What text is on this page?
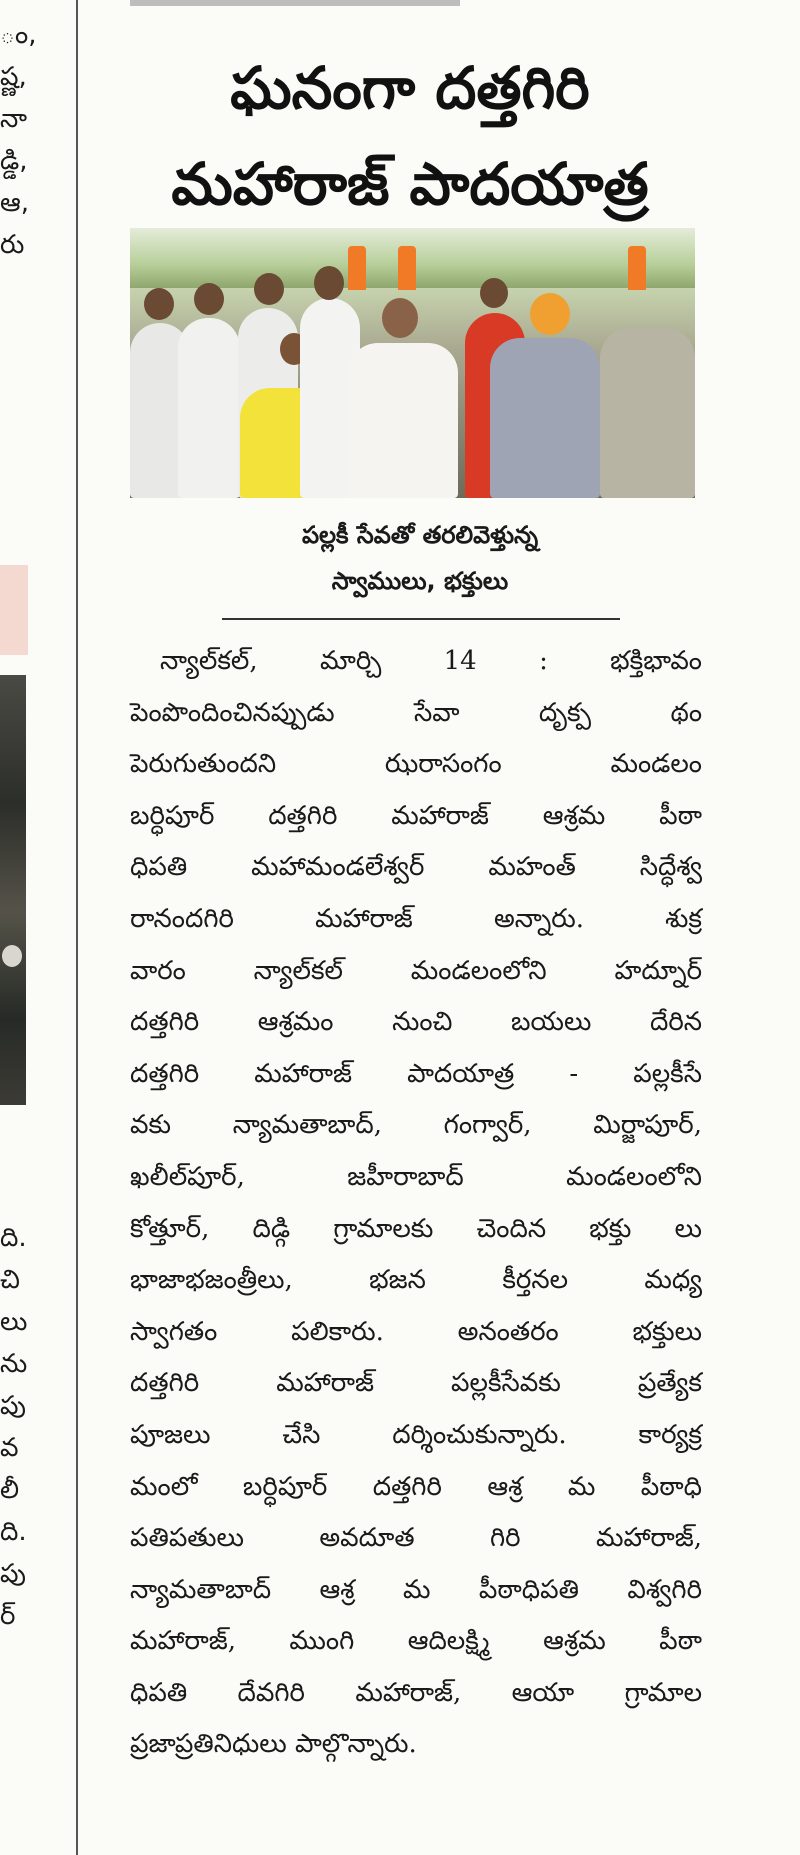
ం,
ష్ణ,
నా
డ్డి,
ఆ,
రు
ది.
చి
లు
ను
పు
వ
లీ
ది.
పు
ర్
ఘనంగా దత్తగిరి
మహారాజ్ పాదయాత్ర
పల్లకీ సేవతో తరలివెళ్తున్న
స్వాములు, భక్తులు
న్యాల్‌కల్, మార్చి 14 : భక్తిభావం
పెంపొందించినప్పుడు సేవా దృక్ప థం
పెరుగుతుందని ఝరాసంగం మండలం
బర్ధిపూర్ దత్తగిరి మహారాజ్ ఆశ్రమ పీఠా
ధిపతి మహామండలేశ్వర్ మహంత్ సిద్ధేశ్వ
రానందగిరి మహారాజ్ అన్నారు. శుక్ర
వారం న్యాల్‌కల్ మండలంలోని హద్నూర్
దత్తగిరి ఆశ్రమం నుంచి బయలు దేరిన
దత్తగిరి మహారాజ్ పాదయాత్ర - పల్లకీసే
వకు న్యామతాబాద్, గంగ్వార్, మిర్జాపూర్,
ఖలీల్‌పూర్, జహీరాబాద్ మండలంలోని
కోత్తూర్, దిడ్గి గ్రామాలకు చెందిన భక్తు లు
భాజాభజంత్రీలు, భజన కీర్తనల మధ్య
స్వాగతం పలికారు. అనంతరం భక్తులు
దత్తగిరి మహారాజ్ పల్లకీసేవకు ప్రత్యేక
పూజలు చేసి దర్శించుకున్నారు. కార్యక్ర
మంలో బర్ధిపూర్ దత్తగిరి ఆశ్ర మ పీఠాధి
పతిపతులు అవదూత గిరి మహారాజ్,
న్యామతాబాద్ ఆశ్ర మ పీఠాధిపతి విశ్వగిరి
మహారాజ్, ముంగి ఆదిలక్ష్మి ఆశ్రమ పీఠా
ధిపతి దేవగిరి మహారాజ్, ఆయా గ్రామాల
ప్రజాప్రతినిధులు పాల్గొన్నారు.
